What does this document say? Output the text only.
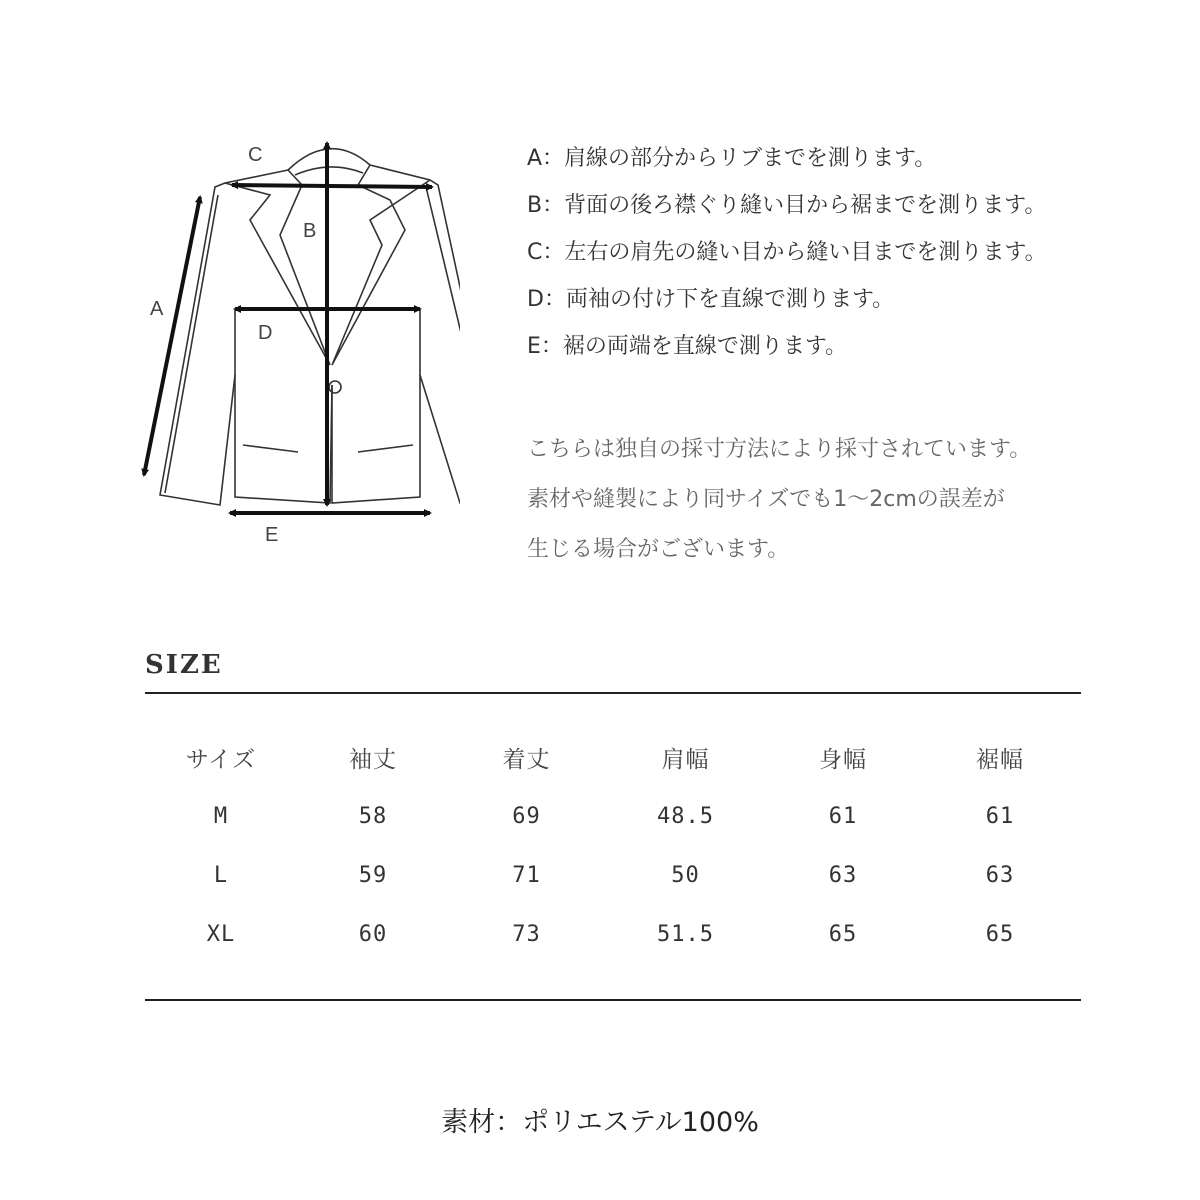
A
B
C
D
E
A：肩線の部分からリブまでを測ります。
B：背面の後ろ襟ぐり縫い目から裾までを測ります。
C：左右の肩先の縫い目から縫い目までを測ります。
D：両袖の付け下を直線で測ります。
E：裾の両端を直線で測ります。
こちらは独自の採寸方法により採寸されています。
素材や縫製により同サイズでも1～2cmの誤差が
生じる場合がございます。
SIZE
サイズ	袖丈	着丈	肩幅	身幅	裾幅
M	58	69	48.5	61	61
L	59	71	50	63	63
XL	60	73	51.5	65	65
素材：ポリエステル100%
